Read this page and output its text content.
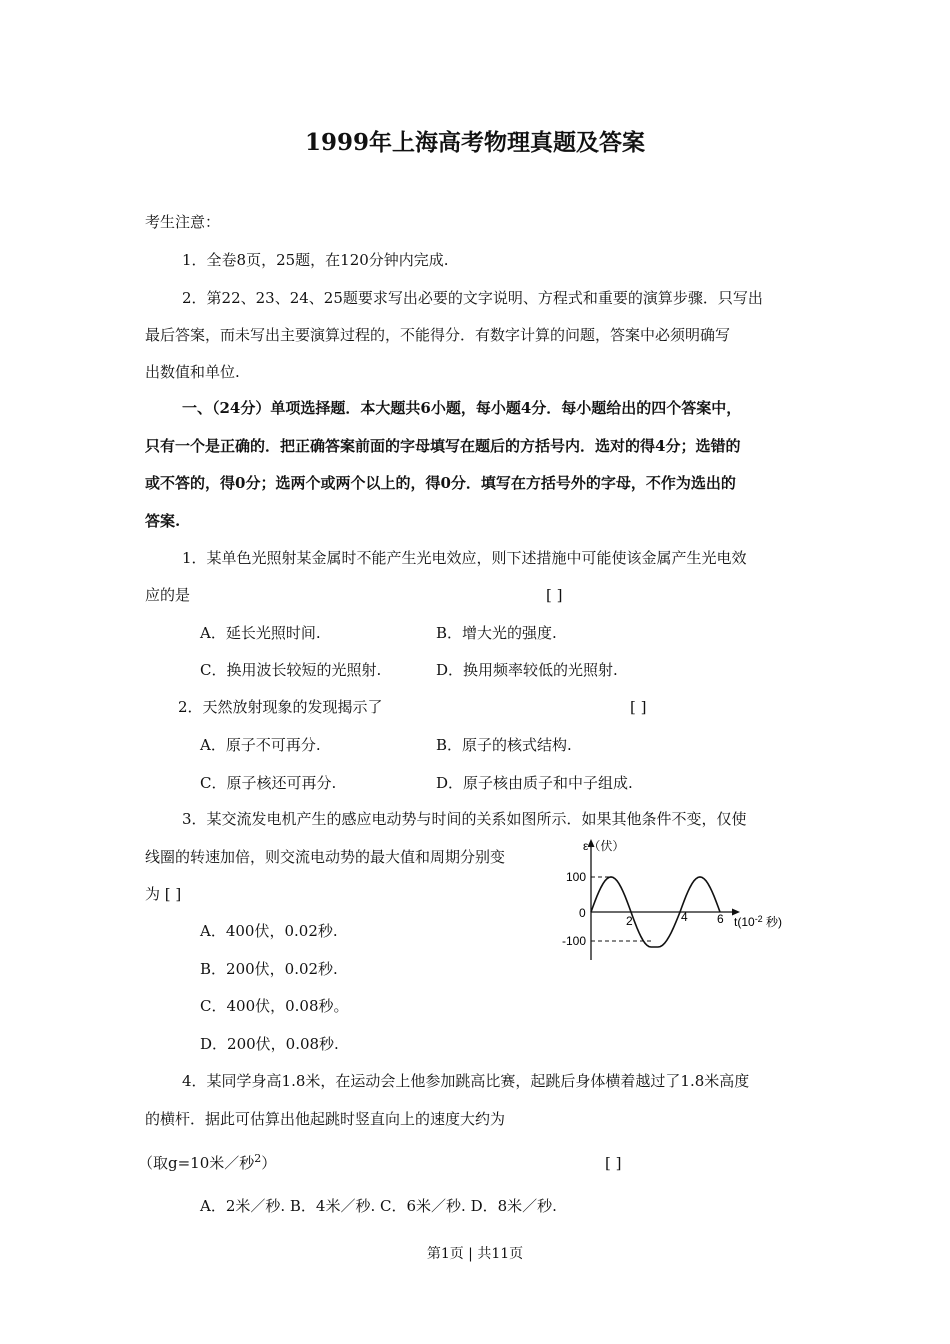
1999年上海高考物理真题及答案
考生注意：
1．全卷8页，25题，在120分钟内完成.
2．第22、23、24、25题要求写出必要的文字说明、方程式和重要的演算步骤．只写出
最后答案，而未写出主要演算过程的，不能得分．有数字计算的问题，答案中必须明确写
出数值和单位.
一、（24分）单项选择题．本大题共6小题，每小题4分．每小题给出的四个答案中，
只有一个是正确的．把正确答案前面的字母填写在题后的方括号内．选对的得4分；选错的
或不答的，得0分；选两个或两个以上的，得0分．填写在方括号外的字母，不作为选出的
答案.
1．某单色光照射某金属时不能产生光电效应，则下述措施中可能使该金属产生光电效
应的是	[ ]
A．延长光照时间.	B．增大光的强度.
C．换用波长较短的光照射.	D．换用频率较低的光照射.
2．天然放射现象的发现揭示了	[ ]
A．原子不可再分.	B．原子的核式结构.
C．原子核还可再分.	D．原子核由质子和中子组成.
3．某交流发电机产生的感应电动势与时间的关系如图所示．如果其他条件不变，仅使
线圈的转速加倍，则交流电动势的最大值和周期分别变
为 [ ]
A．400伏，0.02秒.
B．200伏，0.02秒.
C．400伏，0.08秒。
D．200伏，0.08秒.
ε（伏）
100
0
-100
2	4 6 $t(10^{-2}$ 秒)
4．某同学身高1.8米，在运动会上他参加跳高比赛，起跳后身体横着越过了1.8米高度
的横杆．据此可估算出他起跳时竖直向上的速度大约为
（取g=10米／秒$^2$）	[ ]
A．2米／秒. B．4米／秒. C．6米／秒. D．8米／秒.
第1页 | 共11页
